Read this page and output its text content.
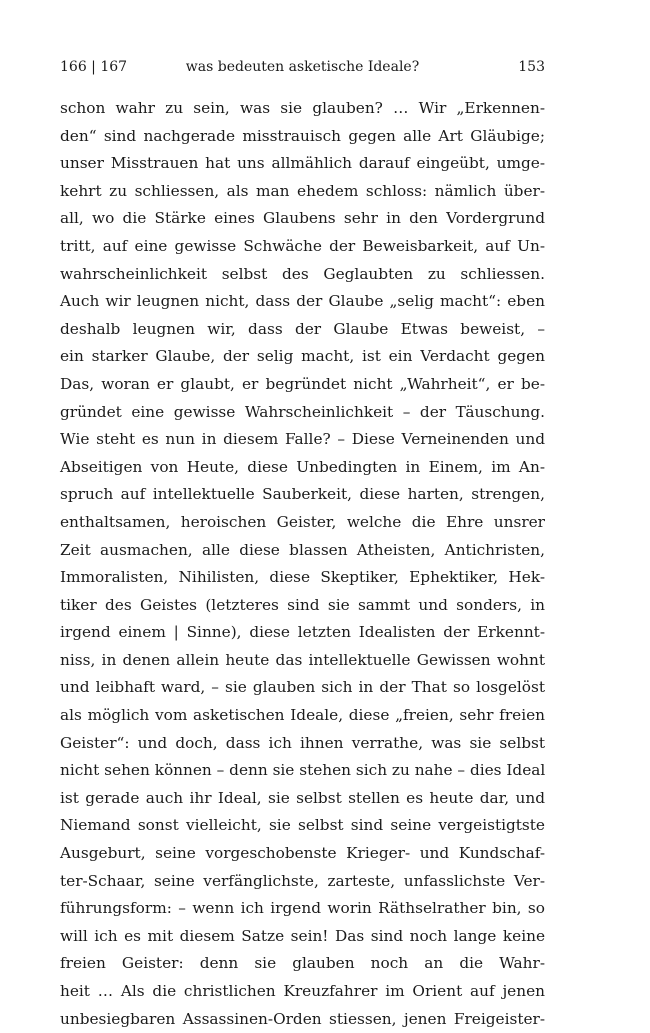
166 | 167	was bedeuten asketische Ideale?	153
schon wahr zu sein, was sie glauben? … Wir „Erkennen-
den“ sind nachgerade misstrauisch gegen alle Art Gläubige;
unser Misstrauen hat uns allmählich darauf eingeübt, umge-
kehrt zu schliessen, als man ehedem schloss: nämlich über-
all, wo die Stärke eines Glaubens sehr in den Vordergrund
tritt, auf eine gewisse Schwäche der Beweisbarkeit, auf Un-
wahrscheinlichkeit selbst des Geglaubten zu schliessen.
Auch wir leugnen nicht, dass der Glaube „selig macht“: eben
deshalb leugnen wir, dass der Glaube Etwas beweist, –
ein starker Glaube, der selig macht, ist ein Verdacht gegen
Das, woran er glaubt, er begründet nicht „Wahrheit“, er be-
gründet eine gewisse Wahrscheinlichkeit – der Täuschung.
Wie steht es nun in diesem Falle? – Diese Verneinenden und
Abseitigen von Heute, diese Unbedingten in Einem, im An-
spruch auf intellektuelle Sauberkeit, diese harten, strengen,
enthaltsamen, heroischen Geister, welche die Ehre unsrer
Zeit ausmachen, alle diese blassen Atheisten, Antichristen,
Immoralisten, Nihilisten, diese Skeptiker, Ephektiker, Hek-
tiker des Geistes (letzteres sind sie sammt und sonders, in
irgend einem | Sinne), diese letzten Idealisten der Erkennt-
niss, in denen allein heute das intellektuelle Gewissen wohnt
und leibhaft ward, – sie glauben sich in der That so losgelöst
als möglich vom asketischen Ideale, diese „freien, sehr freien
Geister“: und doch, dass ich ihnen verrathe, was sie selbst
nicht sehen können – denn sie stehen sich zu nahe – dies Ideal
ist gerade auch ihr Ideal, sie selbst stellen es heute dar, und
Niemand sonst vielleicht, sie selbst sind seine vergeistigtste
Ausgeburt, seine vorgeschobenste Krieger- und Kundschaf-
ter-Schaar, seine verfänglichste, zarteste, unfasslichste Ver-
führungsform: – wenn ich irgend worin Räthselrather bin, so
will ich es mit diesem Satze sein! Das sind noch lange keine
freien Geister: denn sie glauben noch an die Wahr-
heit … Als die christlichen Kreuzfahrer im Orient auf jenen
unbesiegbaren Assassinen-Orden stiessen, jenen Freigeister-
